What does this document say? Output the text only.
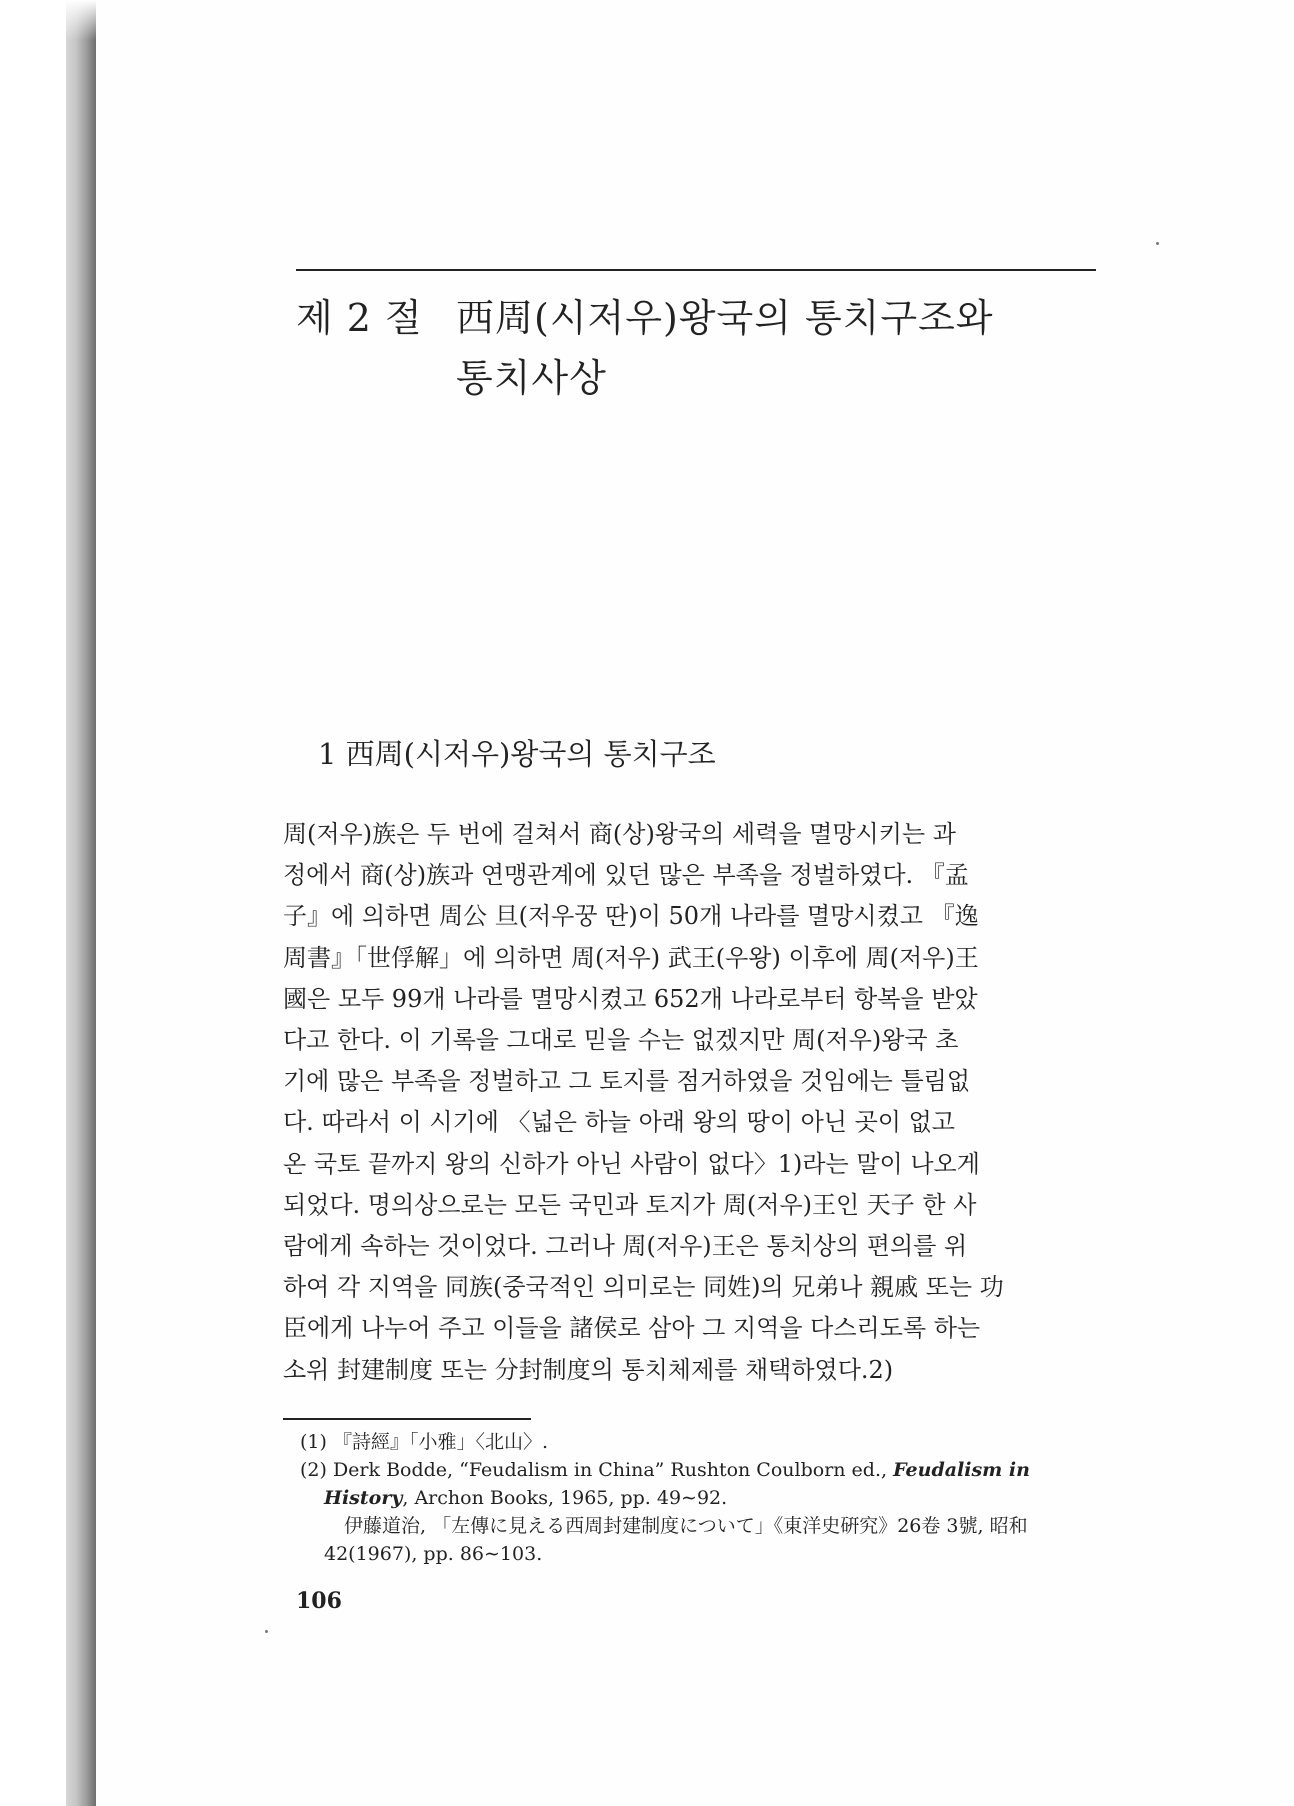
제 2 절 西周(시저우)왕국의 통치구조와
통치사상
1 西周(시저우)왕국의 통치구조
周(저우)族은 두 번에 걸쳐서 商(상)왕국의 세력을 멸망시키는 과
정에서 商(상)族과 연맹관계에 있던 많은 부족을 정벌하였다. 『孟
子』에 의하면 周公 旦(저우꿍 딴)이 50개 나라를 멸망시켰고 『逸
周書』「世俘解」에 의하면 周(저우) 武王(우왕) 이후에 周(저우)王
國은 모두 99개 나라를 멸망시켰고 652개 나라로부터 항복을 받았
다고 한다. 이 기록을 그대로 믿을 수는 없겠지만 周(저우)왕국 초
기에 많은 부족을 정벌하고 그 토지를 점거하였을 것임에는 틀림없
다. 따라서 이 시기에 〈넓은 하늘 아래 왕의 땅이 아닌 곳이 없고
온 국토 끝까지 왕의 신하가 아닌 사람이 없다〉1)라는 말이 나오게
되었다. 명의상으로는 모든 국민과 토지가 周(저우)王인 天子 한 사
람에게 속하는 것이었다. 그러나 周(저우)王은 통치상의 편의를 위
하여 각 지역을 同族(중국적인 의미로는 同姓)의 兄弟나 親戚 또는 功
臣에게 나누어 주고 이들을 諸侯로 삼아 그 지역을 다스리도록 하는
소위 封建制度 또는 分封制度의 통치체제를 채택하였다.2)
(1) 『詩經』「小雅」〈北山〉.
(2) Derk Bodde, “Feudalism in China” Rushton Coulborn ed., Feudalism in
History, Archon Books, 1965, pp. 49∼92.
伊藤道治, 「左傳に見える西周封建制度について」《東洋史硏究》26卷 3號, 昭和
42(1967), pp. 86∼103.
106
